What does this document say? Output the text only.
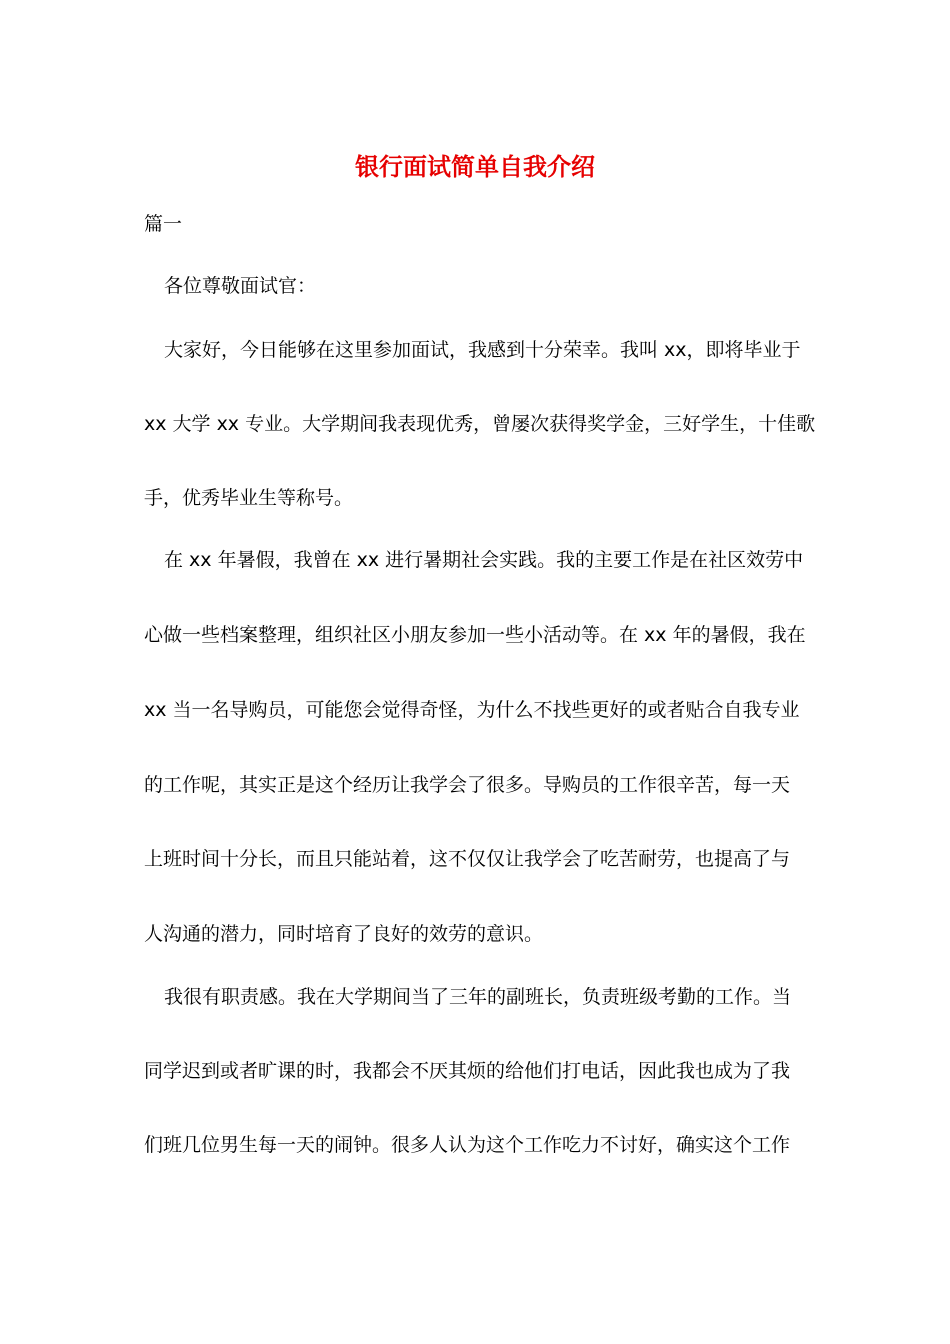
银行面试简单自我介绍
篇一
各位尊敬面试官：
大家好，今日能够在这里参加面试，我感到十分荣幸。我叫 xx，即将毕业于
xx 大学 xx 专业。大学期间我表现优秀，曾屡次获得奖学金，三好学生，十佳歌
手，优秀毕业生等称号。
在 xx 年暑假，我曾在 xx 进行暑期社会实践。我的主要工作是在社区效劳中
心做一些档案整理，组织社区小朋友参加一些小活动等。在 xx 年的暑假，我在
xx 当一名导购员，可能您会觉得奇怪，为什么不找些更好的或者贴合自我专业
的工作呢，其实正是这个经历让我学会了很多。导购员的工作很辛苦，每一天
上班时间十分长，而且只能站着，这不仅仅让我学会了吃苦耐劳，也提高了与
人沟通的潜力，同时培育了良好的效劳的意识。
我很有职责感。我在大学期间当了三年的副班长，负责班级考勤的工作。当
同学迟到或者旷课的时，我都会不厌其烦的给他们打电话，因此我也成为了我
们班几位男生每一天的闹钟。很多人认为这个工作吃力不讨好，确实这个工作
